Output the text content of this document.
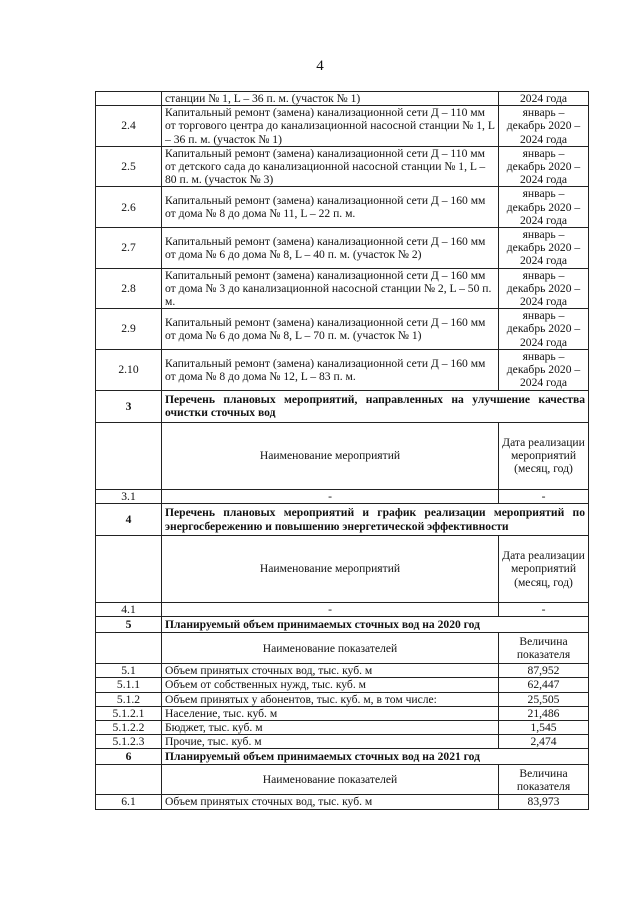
4
	станции № 1, L – 36 п. м. (участок № 1)	2024 года
2.4	Капитальный ремонт (замена) канализационной сети Д – 110 мм от торгового центра до канализационной насосной станции № 1, L – 36 п. м. (участок № 1)	январь – декабрь 2020 – 2024 года
2.5	Капитальный ремонт (замена) канализационной сети Д – 110 мм от детского сада до канализационной насосной станции № 1, L – 80 п. м. (участок № 3)	январь – декабрь 2020 – 2024 года
2.6	Капитальный ремонт (замена) канализационной сети Д – 160 мм от дома № 8 до дома № 11, L – 22 п. м.	январь – декабрь 2020 – 2024 года
2.7	Капитальный ремонт (замена) канализационной сети Д – 160 мм от дома № 6 до дома № 8, L – 40 п. м. (участок № 2)	январь – декабрь 2020 – 2024 года
2.8	Капитальный ремонт (замена) канализационной сети Д – 160 мм от дома № 3 до канализационной насосной станции № 2, L – 50 п. м.	январь – декабрь 2020 – 2024 года
2.9	Капитальный ремонт (замена) канализационной сети Д – 160 мм от дома № 6 до дома № 8, L – 70 п. м. (участок № 1)	январь – декабрь 2020 – 2024 года
2.10	Капитальный ремонт (замена) канализационной сети Д – 160 мм от дома № 8 до дома № 12, L – 83 п. м.	январь – декабрь 2020 – 2024 года
3	Перечень плановых мероприятий, направленных на улучшение качества очистки сточных вод	
	Наименование мероприятий	Дата реализации мероприятий (месяц, год)
3.1	-	-
4	Перечень плановых мероприятий и график реализации мероприятий по энергосбережению и повышению энергетической эффективности	
	Наименование мероприятий	Дата реализации мероприятий (месяц, год)
4.1	-	-
5	Планируемый объем принимаемых сточных вод на 2020 год	
	Наименование показателей	Величина показателя
5.1	Объем принятых сточных вод, тыс. куб. м	87,952
5.1.1	Объем от собственных нужд, тыс. куб. м	62,447
5.1.2	Объем принятых у абонентов, тыс. куб. м, в том числе:	25,505
5.1.2.1	Население, тыс. куб. м	21,486
5.1.2.2	Бюджет, тыс. куб. м	1,545
5.1.2.3	Прочие, тыс. куб. м	2,474
6	Планируемый объем принимаемых сточных вод на 2021 год	
	Наименование показателей	Величина показателя
6.1	Объем принятых сточных вод, тыс. куб. м	83,973
